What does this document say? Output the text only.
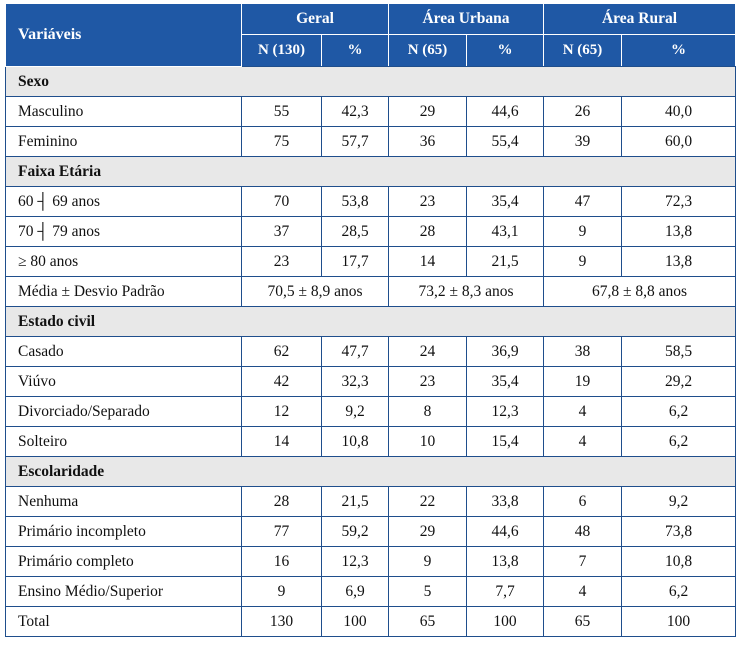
Variáveis	Geral		Área Urbana		Área Rural	
	N (130)	%	N (65)	%	N (65)	%
Sexo						
Masculino	55	42,3	29	44,6	26	40,0
Feminino	75	57,7	36	55,4	39	60,0
Faixa Etária						
60 ┤ 69 anos	70	53,8	23	35,4	47	72,3
70 ┤ 79 anos	37	28,5	28	43,1	9	13,8
≥ 80 anos	23	17,7	14	21,5	9	13,8
Média ± Desvio Padrão	70,5 ± 8,9 anos		73,2 ± 8,3 anos		67,8 ± 8,8 anos	
Estado civil						
Casado	62	47,7	24	36,9	38	58,5
Viúvo	42	32,3	23	35,4	19	29,2
Divorciado/Separado	12	9,2	8	12,3	4	6,2
Solteiro	14	10,8	10	15,4	4	6,2
Escolaridade						
Nenhuma	28	21,5	22	33,8	6	9,2
Primário incompleto	77	59,2	29	44,6	48	73,8
Primário completo	16	12,3	9	13,8	7	10,8
Ensino Médio/Superior	9	6,9	5	7,7	4	6,2
Total	130	100	65	100	65	100
